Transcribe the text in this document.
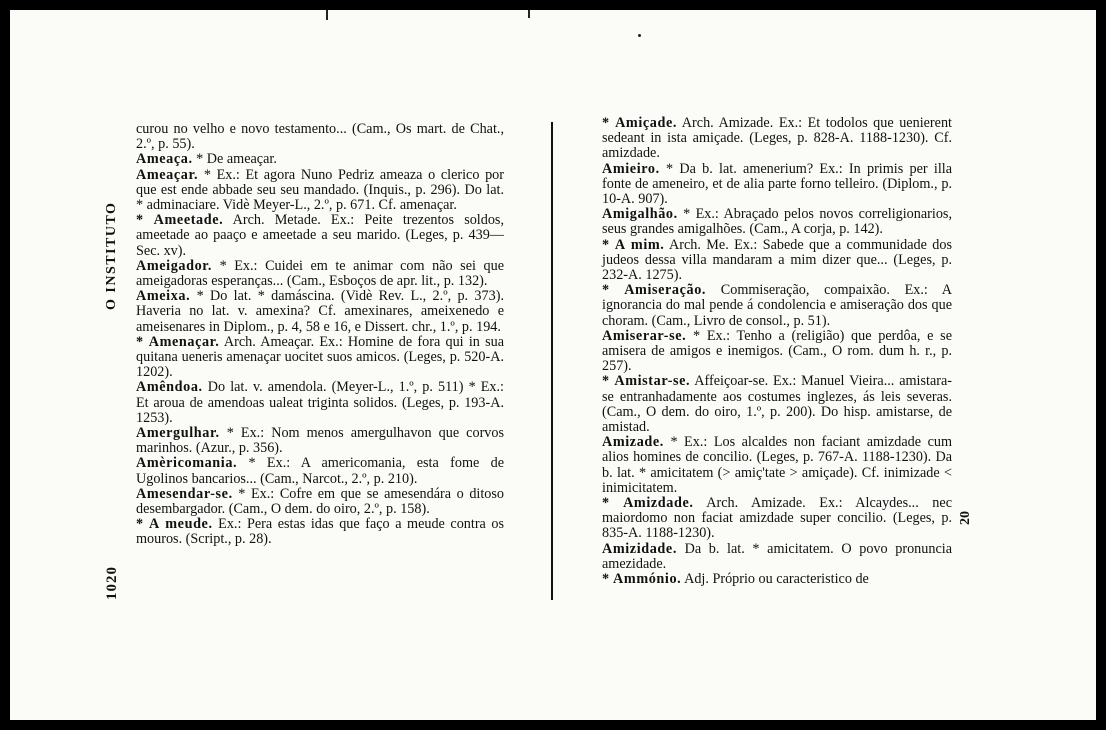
O INSTITUTO
1020
20

curou no velho e novo testamento... (Cam., Os mart. de Chat., 2.º, p. 55).

Ameaça. * De ameaçar.

Ameaçar. * Ex.: Et agora Nuno Pedriz ameaza o clerico por que est ende abbade seu seu mandado. (Inquis., p. 296). Do lat. * adminaciare. Vidè Meyer-L., 2.º, p. 671. Cf. amenaçar.

* Ameetade. Arch. Metade. Ex.: Peite trezentos soldos, ameetade ao paaço e ameetade a seu marido. (Leges, p. 439—Sec. xv).

Ameigador. * Ex.: Cuidei em te animar com não sei que ameigadoras esperanças... (Cam., Esboços de apr. lit., p. 132).

Ameixa. * Do lat. * damáscina. (Vidè Rev. L., 2.º, p. 373). Haveria no lat. v. amexina? Cf. amexinares, ameixenedo e ameisenares in Diplom., p. 4, 58 e 16, e Dissert. chr., 1.º, p. 194.

* Amenaçar. Arch. Ameaçar. Ex.: Homine de fora qui in sua quitana ueneris amenaçar uocitet suos amicos. (Leges, p. 520-A. 1202).

Amêndoa. Do lat. v. amendola. (Meyer-L., 1.º, p. 511) * Ex.: Et aroua de amendoas ualeat triginta solidos. (Leges, p. 193-A. 1253).

Amergulhar. * Ex.: Nom menos amergulhavon que corvos marinhos. (Azur., p. 356).

Amèricomania. * Ex.: A americomania, esta fome de Ugolinos bancarios... (Cam., Narcot., 2.º, p. 210).

Amesendar-se. * Ex.: Cofre em que se amesendára o ditoso desembargador. (Cam., O dem. do oiro, 2.º, p. 158).

* A meude. Ex.: Pera estas idas que faço a meude contra os mouros. (Script., p. 28).

* Amiçade. Arch. Amizade. Ex.: Et todolos que uenierent sedeant in ista amiçade. (Leges, p. 828-A. 1188-1230). Cf. amizdade.

Amieiro. * Da b. lat. amenerium? Ex.: In primis per illa fonte de ameneiro, et de alia parte forno telleiro. (Diplom., p. 10-A. 907).

Amigalhão. * Ex.: Abraçado pelos novos correligionarios, seus grandes amigalhões. (Cam., A corja, p. 142).

* A mim. Arch. Me. Ex.: Sabede que a communidade dos judeos dessa villa mandaram a mim dizer que... (Leges, p. 232-A. 1275).

* Amiseração. Commiseração, compaixão. Ex.: A ignorancia do mal pende á condolencia e amiseração dos que choram. (Cam., Livro de consol., p. 51).

Amiserar-se. * Ex.: Tenho a (religião) que perdôa, e se amisera de amigos e inemigos. (Cam., O rom. dum h. r., p. 257).

* Amistar-se. Affeiçoar-se. Ex.: Manuel Vieira... amistara-se entranhadamente aos costumes inglezes, ás leis severas. (Cam., O dem. do oiro, 1.º, p. 200). Do hisp. amistarse, de amistad.

Amizade. * Ex.: Los alcaldes non faciant amizdade cum alios homines de concilio. (Leges, p. 767-A. 1188-1230). Da b. lat. * amicitatem (> amiç'tate > amiçade). Cf. inimizade < inimicitatem.

* Amizdade. Arch. Amizade. Ex.: Alcaydes... nec maiordomo non faciat amizdade super concilio. (Leges, p. 835-A. 1188-1230).

Amizidade. Da b. lat. * amicitatem. O povo pronuncia amezidade.

* Ammónio. Adj. Próprio ou caracteristico de
